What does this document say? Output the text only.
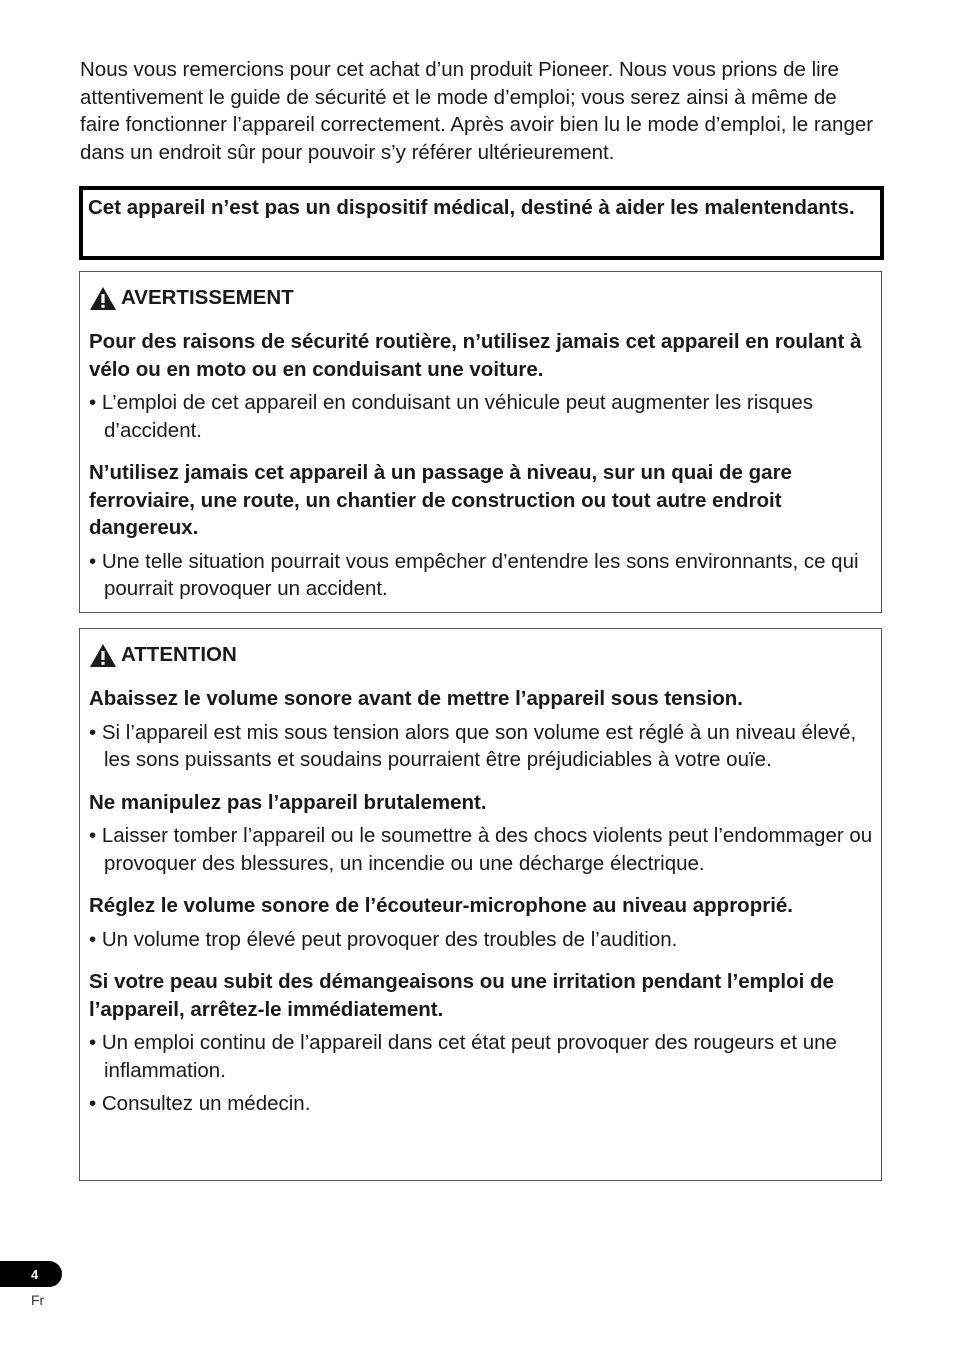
Nous vous remercions pour cet achat d’un produit Pioneer. Nous vous prions de lire attentivement le guide de sécurité et le mode d’emploi; vous serez ainsi à même de faire fonctionner l’appareil correctement. Après avoir bien lu le mode d’emploi, le ranger dans un endroit sûr pour pouvoir s’y référer ultérieurement.

Cet appareil n’est pas un dispositif médical, destiné à aider les malentendants.
AVERTISSEMENT
Pour des raisons de sécurité routière, n’utilisez jamais cet appareil en roulant à vélo ou en moto ou en conduisant une voiture.
• L’emploi de cet appareil en conduisant un véhicule peut augmenter les risques d’accident.
N’utilisez jamais cet appareil à un passage à niveau, sur un quai de gare ferroviaire, une route, un chantier de construction ou tout autre endroit dangereux.
• Une telle situation pourrait vous empêcher d’entendre les sons environnants, ce qui pourrait provoquer un accident.
ATTENTION
Abaissez le volume sonore avant de mettre l’appareil sous tension.
• Si l’appareil est mis sous tension alors que son volume est réglé à un niveau élevé, les sons puissants et soudains pourraient être préjudiciables à votre ouïe.
Ne manipulez pas l’appareil brutalement.
• Laisser tomber l’appareil ou le soumettre à des chocs violents peut l’endommager ou provoquer des blessures, un incendie ou une décharge électrique.
Réglez le volume sonore de l’écouteur-microphone au niveau approprié.
• Un volume trop élevé peut provoquer des troubles de l’audition.
Si votre peau subit des démangeaisons ou une irritation pendant l’emploi de l’appareil, arrêtez-le immédiatement.
• Un emploi continu de l’appareil dans cet état peut provoquer des rougeurs et une inflammation.
• Consultez un médecin.
4
Fr
